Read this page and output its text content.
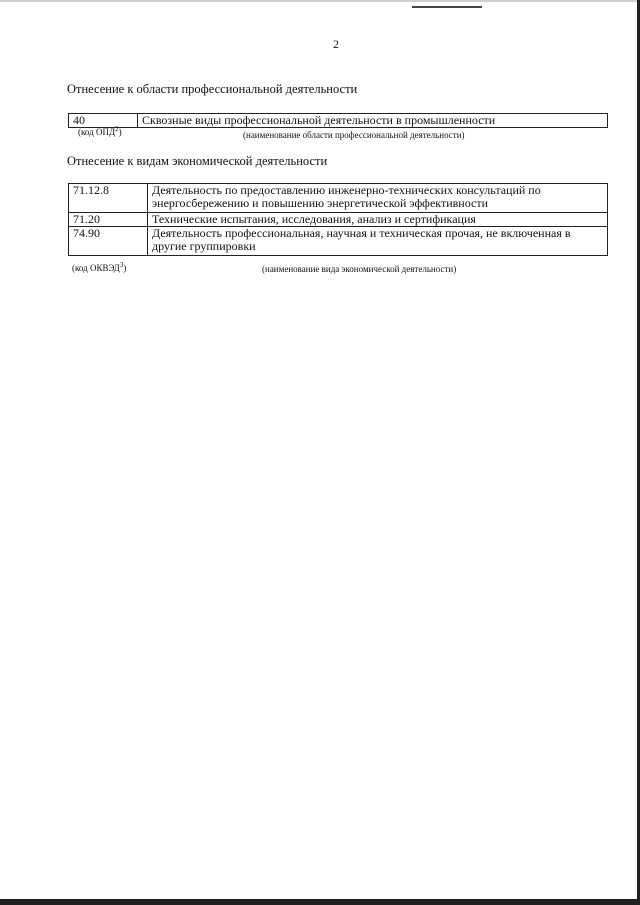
2
Отнесение к области профессиональной деятельности
40	Сквозные виды профессиональной деятельности в промышленности
(код ОПД$^2$)	(наименование области профессиональной деятельности)
Отнесение к видам экономической деятельности
71.12.8	Деятельность по предоставлению инженерно-технических консультаций по энергосбережению и повышению энергетической эффективности
71.20	Технические испытания, исследования, анализ и сертификация
74.90	Деятельность профессиональная, научная и техническая прочая, не включенная в другие группировки
(код ОКВЭД$^3$)	(наименование вида экономической деятельности)
